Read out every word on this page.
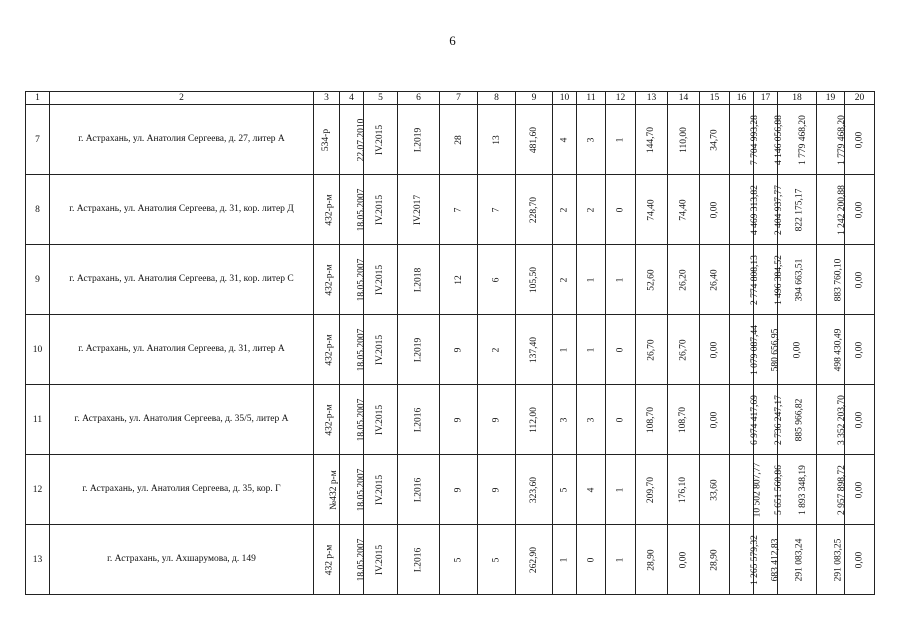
6
1	2	3	4	5	6	7	8	9	10	11	12	13	14	15	16	17	18	19	20
7	г. Астрахань, ул. Анатолия Сергеева, д. 27, литер А	534-р	22.07.2010	IV.2015	I.2019	28	13	481,60	4	3	1	144,70	110,00	34,70	7 704 993,28	4 146 056,88	1 779 468,20	1 779 468,20	0,00
8	г. Астрахань, ул. Анатолия Сергеева, д. 31, кор. литер Д	432-р-м	18.05.2007	IV.2015	IV.2017	7	7	228,70	2	2	0	74,40	74,40	0,00	4 469 313,82	2 404 937,77	822 175,17	1 242 200,88	0,00
9	г. Астрахань, ул. Анатолия Сергеева, д. 31, кор. литер С	432-р-м	18.05.2007	IV.2015	I.2018	12	6	105,50	2	1	1	52,60	26,20	26,40	2 774 808,13	1 496 384,52	394 663,51	883 760,10	0,00
10	г. Астрахань, ул. Анатолия Сергеева, д. 31, литер А	432-р-м	18.05.2007	IV.2015	I.2019	9	2	137,40	1	1	0	26,70	26,70	0,00	1 079 087,44	580 656,95	0,00	498 430,49	0,00
11	г. Астрахань, ул. Анатолия Сергеева, д. 35/5, литер А	432-р-м	18.05.2007	IV.2015	I.2016	9	9	112,00	3	3	0	108,70	108,70	0,00	6 974 417,69	2 736 247,17	885 966,82	3 352 203,70	0,00
12	г. Астрахань, ул. Анатолия Сергеева, д. 35, кор. Г	№432 р-м	18.05.2007	IV.2015	I.2016	9	9	323,60	5	4	1	209,70	176,10	33,60	10 502 807,77	5 651 560,86	1 893 348,19	2 957 898,72	0,00
13	г. Астрахань, ул. Ахшарумова, д. 149	432 р-м	18.05.2007	IV.2015	I.2016	5	5	262,90	1	0	1	28,90	0,00	28,90	1 265 579,32	683 412,83	291 083,24	291 083,25	0,00
